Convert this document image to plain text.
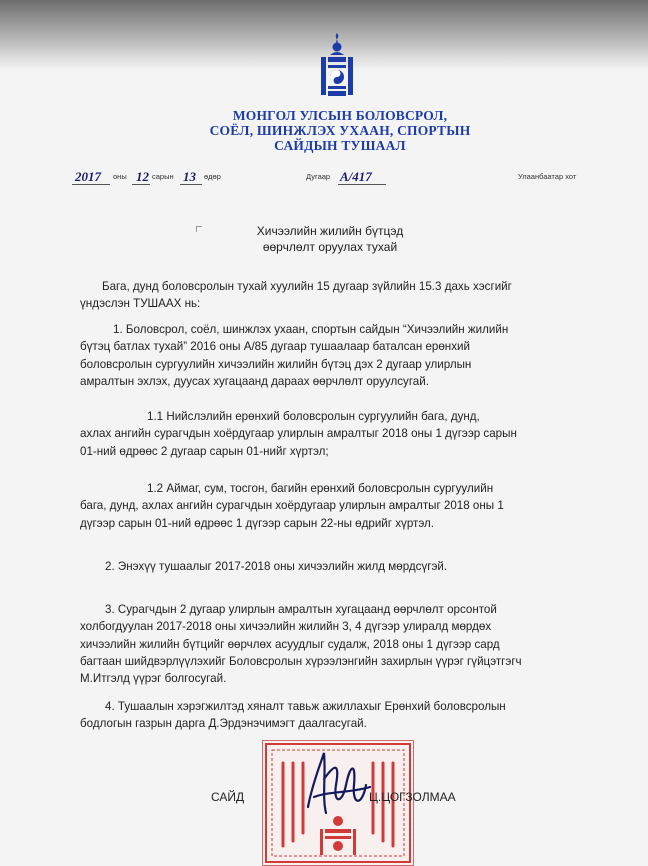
МОНГОЛ УЛСЫН БОЛОВСРОЛ,
СОЁЛ, ШИНЖЛЭХ УХААН, СПОРТЫН
САЙДЫН ТУШААЛ
2017 оны 12 сарын 13 өдөр	Дугаар А/417	Улаанбаатар хот
Хичээлийн жилийн бүтцэд
өөрчлөлт оруулах тухай
Бага, дунд боловсролын тухай хуулийн 15 дугаар зүйлийн 15.3 дахь хэсгийг
үндэслэн ТУШААХ нь:
1. Боловсрол, соёл, шинжлэх ухаан, спортын сайдын “Хичээлийн жилийн
бүтэц батлах тухай” 2016 оны А/85 дугаар тушаалаар баталсан ерөнхий
боловсролын сургуулийн хичээлийн жилийн бүтэц дэх 2 дугаар улирлын
амралтын эхлэх, дуусах хугацаанд дараах өөрчлөлт оруулсугай.
1.1 Нийслэлийн ерөнхий боловсролын сургуулийн бага, дунд,
ахлах ангийн сурагчдын хоёрдугаар улирлын амралтыг 2018 оны 1 дүгээр сарын
01-ний өдрөөс 2 дугаар сарын 01-нийг хүртэл;
1.2 Аймаг, сум, тосгон, багийн ерөнхий боловсролын сургуулийн
бага, дунд, ахлах ангийн сурагчдын хоёрдугаар улирлын амралтыг 2018 оны 1
дүгээр сарын 01-ний өдрөөс 1 дүгээр сарын 22-ны өдрийг хүртэл.
2. Энэхүү тушаалыг 2017-2018 оны хичээлийн жилд мөрдсүгэй.
3. Сурагчдын 2 дугаар улирлын амралтын хугацаанд өөрчлөлт орсонтой
холбогдуулан 2017-2018 оны хичээлийн жилийн 3, 4 дүгээр улиралд мөрдөх
хичээлийн жилийн бүтцийг өөрчлөх асуудлыг судалж, 2018 оны 1 дүгээр сард
багтаан шийдвэрлүүлэхийг Боловсролын хүрээлэнгийн захирлын үүрэг гүйцэтгэгч
М.Итгэлд үүрэг болгосугай.
4. Тушаалын хэрэгжилтэд хяналт тавьж ажиллахыг Ерөнхий боловсролын
бодлогын газрын дарга Д.Эрдэнэчимэгт даалгасугай.
САЙД	Ц.ЦОГЗОЛМАА
